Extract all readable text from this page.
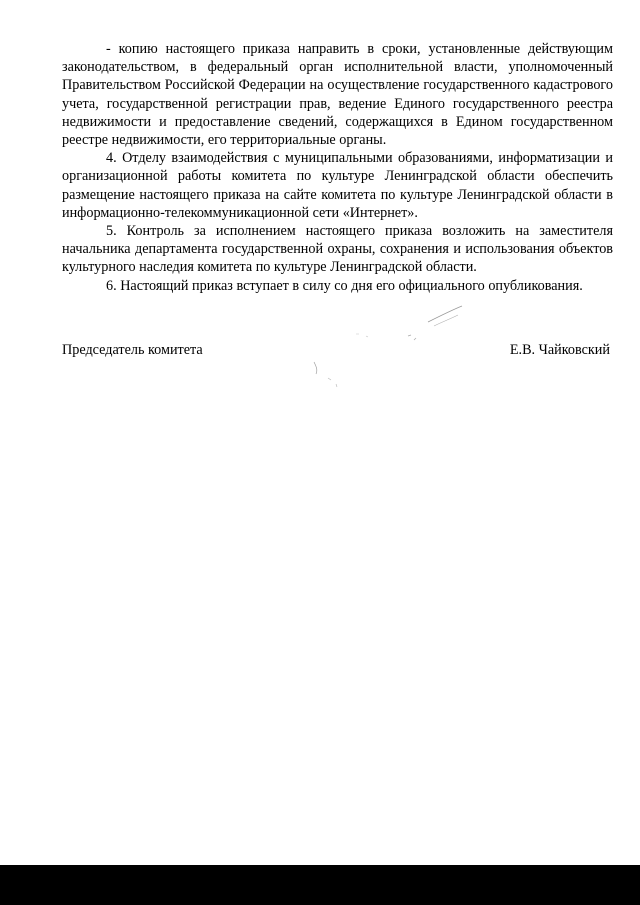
- копию настоящего приказа направить в сроки, установленные действующим законодательством, в федеральный орган исполнительной власти, уполномоченный Правительством Российской Федерации на осуществление государственного кадастрового учета, государственной регистрации прав, ведение Единого государственного реестра недвижимости и предоставление сведений, содержащихся в Едином государственном реестре недвижимости, его территориальные органы.

4. Отделу взаимодействия с муниципальными образованиями, информатизации и организационной работы комитета по культуре Ленинградской области обеспечить размещение настоящего приказа на сайте комитета по культуре Ленинградской области в информационно-телекоммуникационной сети «Интернет».

5. Контроль за исполнением настоящего приказа возложить на заместителя начальника департамента государственной охраны, сохранения и использования объектов культурного наследия комитета по культуре Ленинградской области.

6. Настоящий приказ вступает в силу со дня его официального опубликования.

Председатель комитета	Е.В. Чайковский
